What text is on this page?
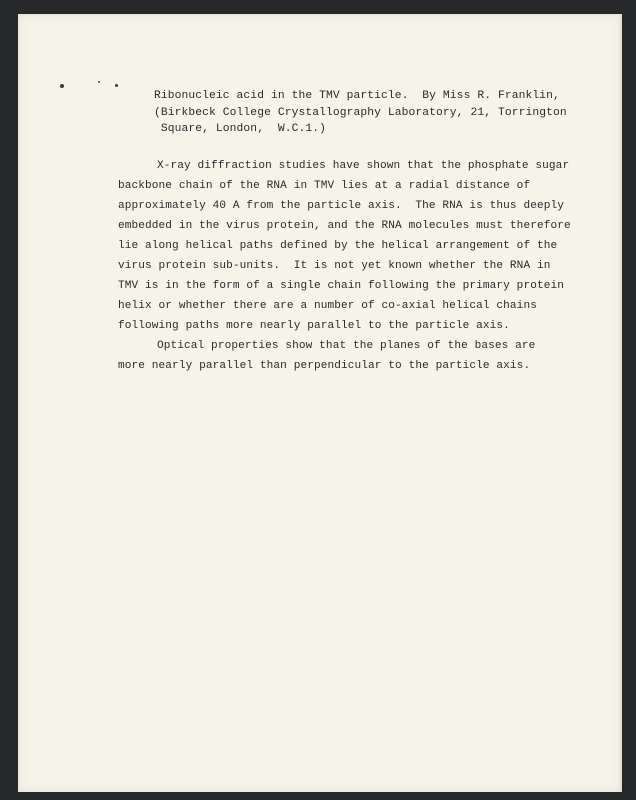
Ribonucleic acid in the TMV particle.  By Miss R. Franklin,
(Birkbeck College Crystallography Laboratory, 21, Torrington
Square, London,  W.C.1.)
X-ray diffraction studies have shown that the phosphate sugar
backbone chain of the RNA in TMV lies at a radial distance of
approximately 40 A from the particle axis.  The RNA is thus deeply
embedded in the virus protein, and the RNA molecules must therefore
lie along helical paths defined by the helical arrangement of the
virus protein sub-units.  It is not yet known whether the RNA in
TMV is in the form of a single chain following the primary protein
helix or whether there are a number of co-axial helical chains
following paths more nearly parallel to the particle axis.
Optical properties show that the planes of the bases are
more nearly parallel than perpendicular to the particle axis.
